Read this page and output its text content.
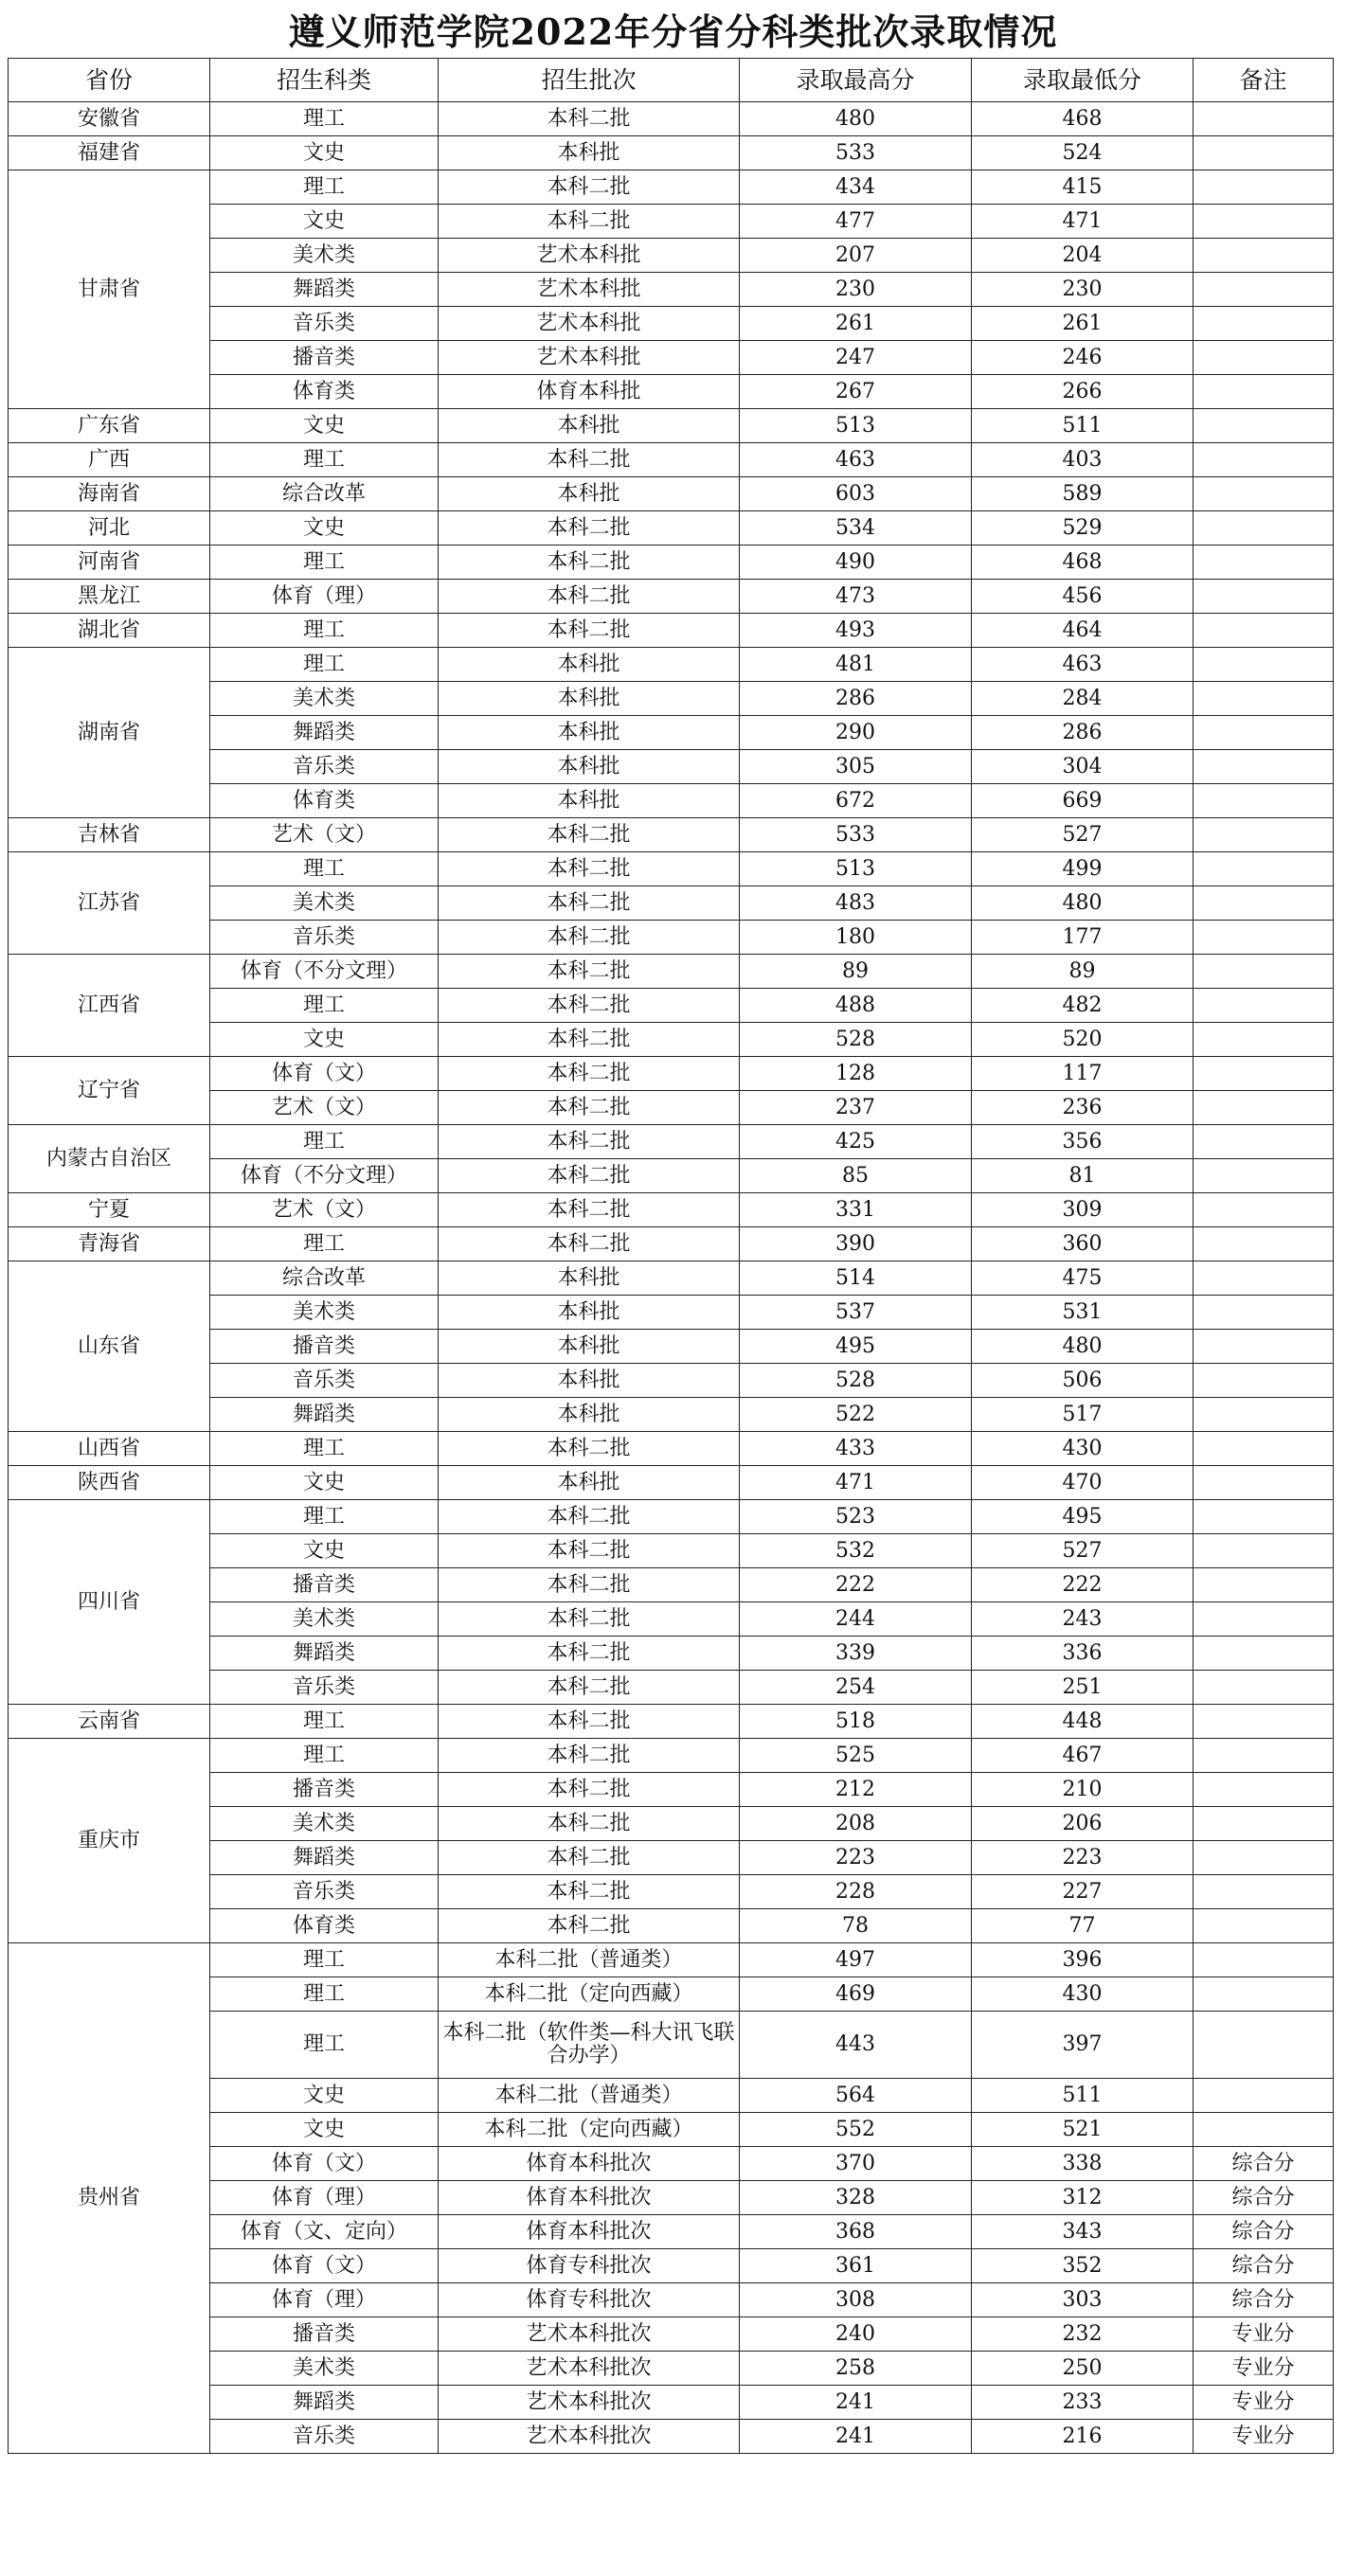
遵义师范学院2022年分省分科类批次录取情况
省份	招生科类	招生批次	录取最高分	录取最低分	备注
安徽省	理工	本科二批	480	468	
福建省	文史	本科批	533	524	
甘肃省	理工	本科二批	434	415	
	文史	本科二批	477	471	
	美术类	艺术本科批	207	204	
	舞蹈类	艺术本科批	230	230	
	音乐类	艺术本科批	261	261	
	播音类	艺术本科批	247	246	
	体育类	体育本科批	267	266	
广东省	文史	本科批	513	511	
广西	理工	本科二批	463	403	
海南省	综合改革	本科批	603	589	
河北	文史	本科二批	534	529	
河南省	理工	本科二批	490	468	
黑龙江	体育（理）	本科二批	473	456	
湖北省	理工	本科二批	493	464	
湖南省	理工	本科批	481	463	
	美术类	本科批	286	284	
	舞蹈类	本科批	290	286	
	音乐类	本科批	305	304	
	体育类	本科批	672	669	
吉林省	艺术（文）	本科二批	533	527	
江苏省	理工	本科二批	513	499	
	美术类	本科二批	483	480	
	音乐类	本科二批	180	177	
江西省	体育（不分文理）	本科二批	89	89	
	理工	本科二批	488	482	
	文史	本科二批	528	520	
辽宁省	体育（文）	本科二批	128	117	
	艺术（文）	本科二批	237	236	
内蒙古自治区	理工	本科二批	425	356	
	体育（不分文理）	本科二批	85	81	
宁夏	艺术（文）	本科二批	331	309	
青海省	理工	本科二批	390	360	
山东省	综合改革	本科批	514	475	
	美术类	本科批	537	531	
	播音类	本科批	495	480	
	音乐类	本科批	528	506	
	舞蹈类	本科批	522	517	
山西省	理工	本科二批	433	430	
陕西省	文史	本科批	471	470	
四川省	理工	本科二批	523	495	
	文史	本科二批	532	527	
	播音类	本科二批	222	222	
	美术类	本科二批	244	243	
	舞蹈类	本科二批	339	336	
	音乐类	本科二批	254	251	
云南省	理工	本科二批	518	448	
重庆市	理工	本科二批	525	467	
	播音类	本科二批	212	210	
	美术类	本科二批	208	206	
	舞蹈类	本科二批	223	223	
	音乐类	本科二批	228	227	
	体育类	本科二批	78	77	
贵州省	理工	本科二批（普通类）	497	396	
	理工	本科二批（定向西藏）	469	430	
	理工	本科二批（软件类—科大讯飞联合办学）	443	397	
	文史	本科二批（普通类）	564	511	
	文史	本科二批（定向西藏）	552	521	
	体育（文）	体育本科批次	370	338	综合分
	体育（理）	体育本科批次	328	312	综合分
	体育（文、定向）	体育本科批次	368	343	综合分
	体育（文）	体育专科批次	361	352	综合分
	体育（理）	体育专科批次	308	303	综合分
	播音类	艺术本科批次	240	232	专业分
	美术类	艺术本科批次	258	250	专业分
	舞蹈类	艺术本科批次	241	233	专业分
	音乐类	艺术本科批次	241	216	专业分
